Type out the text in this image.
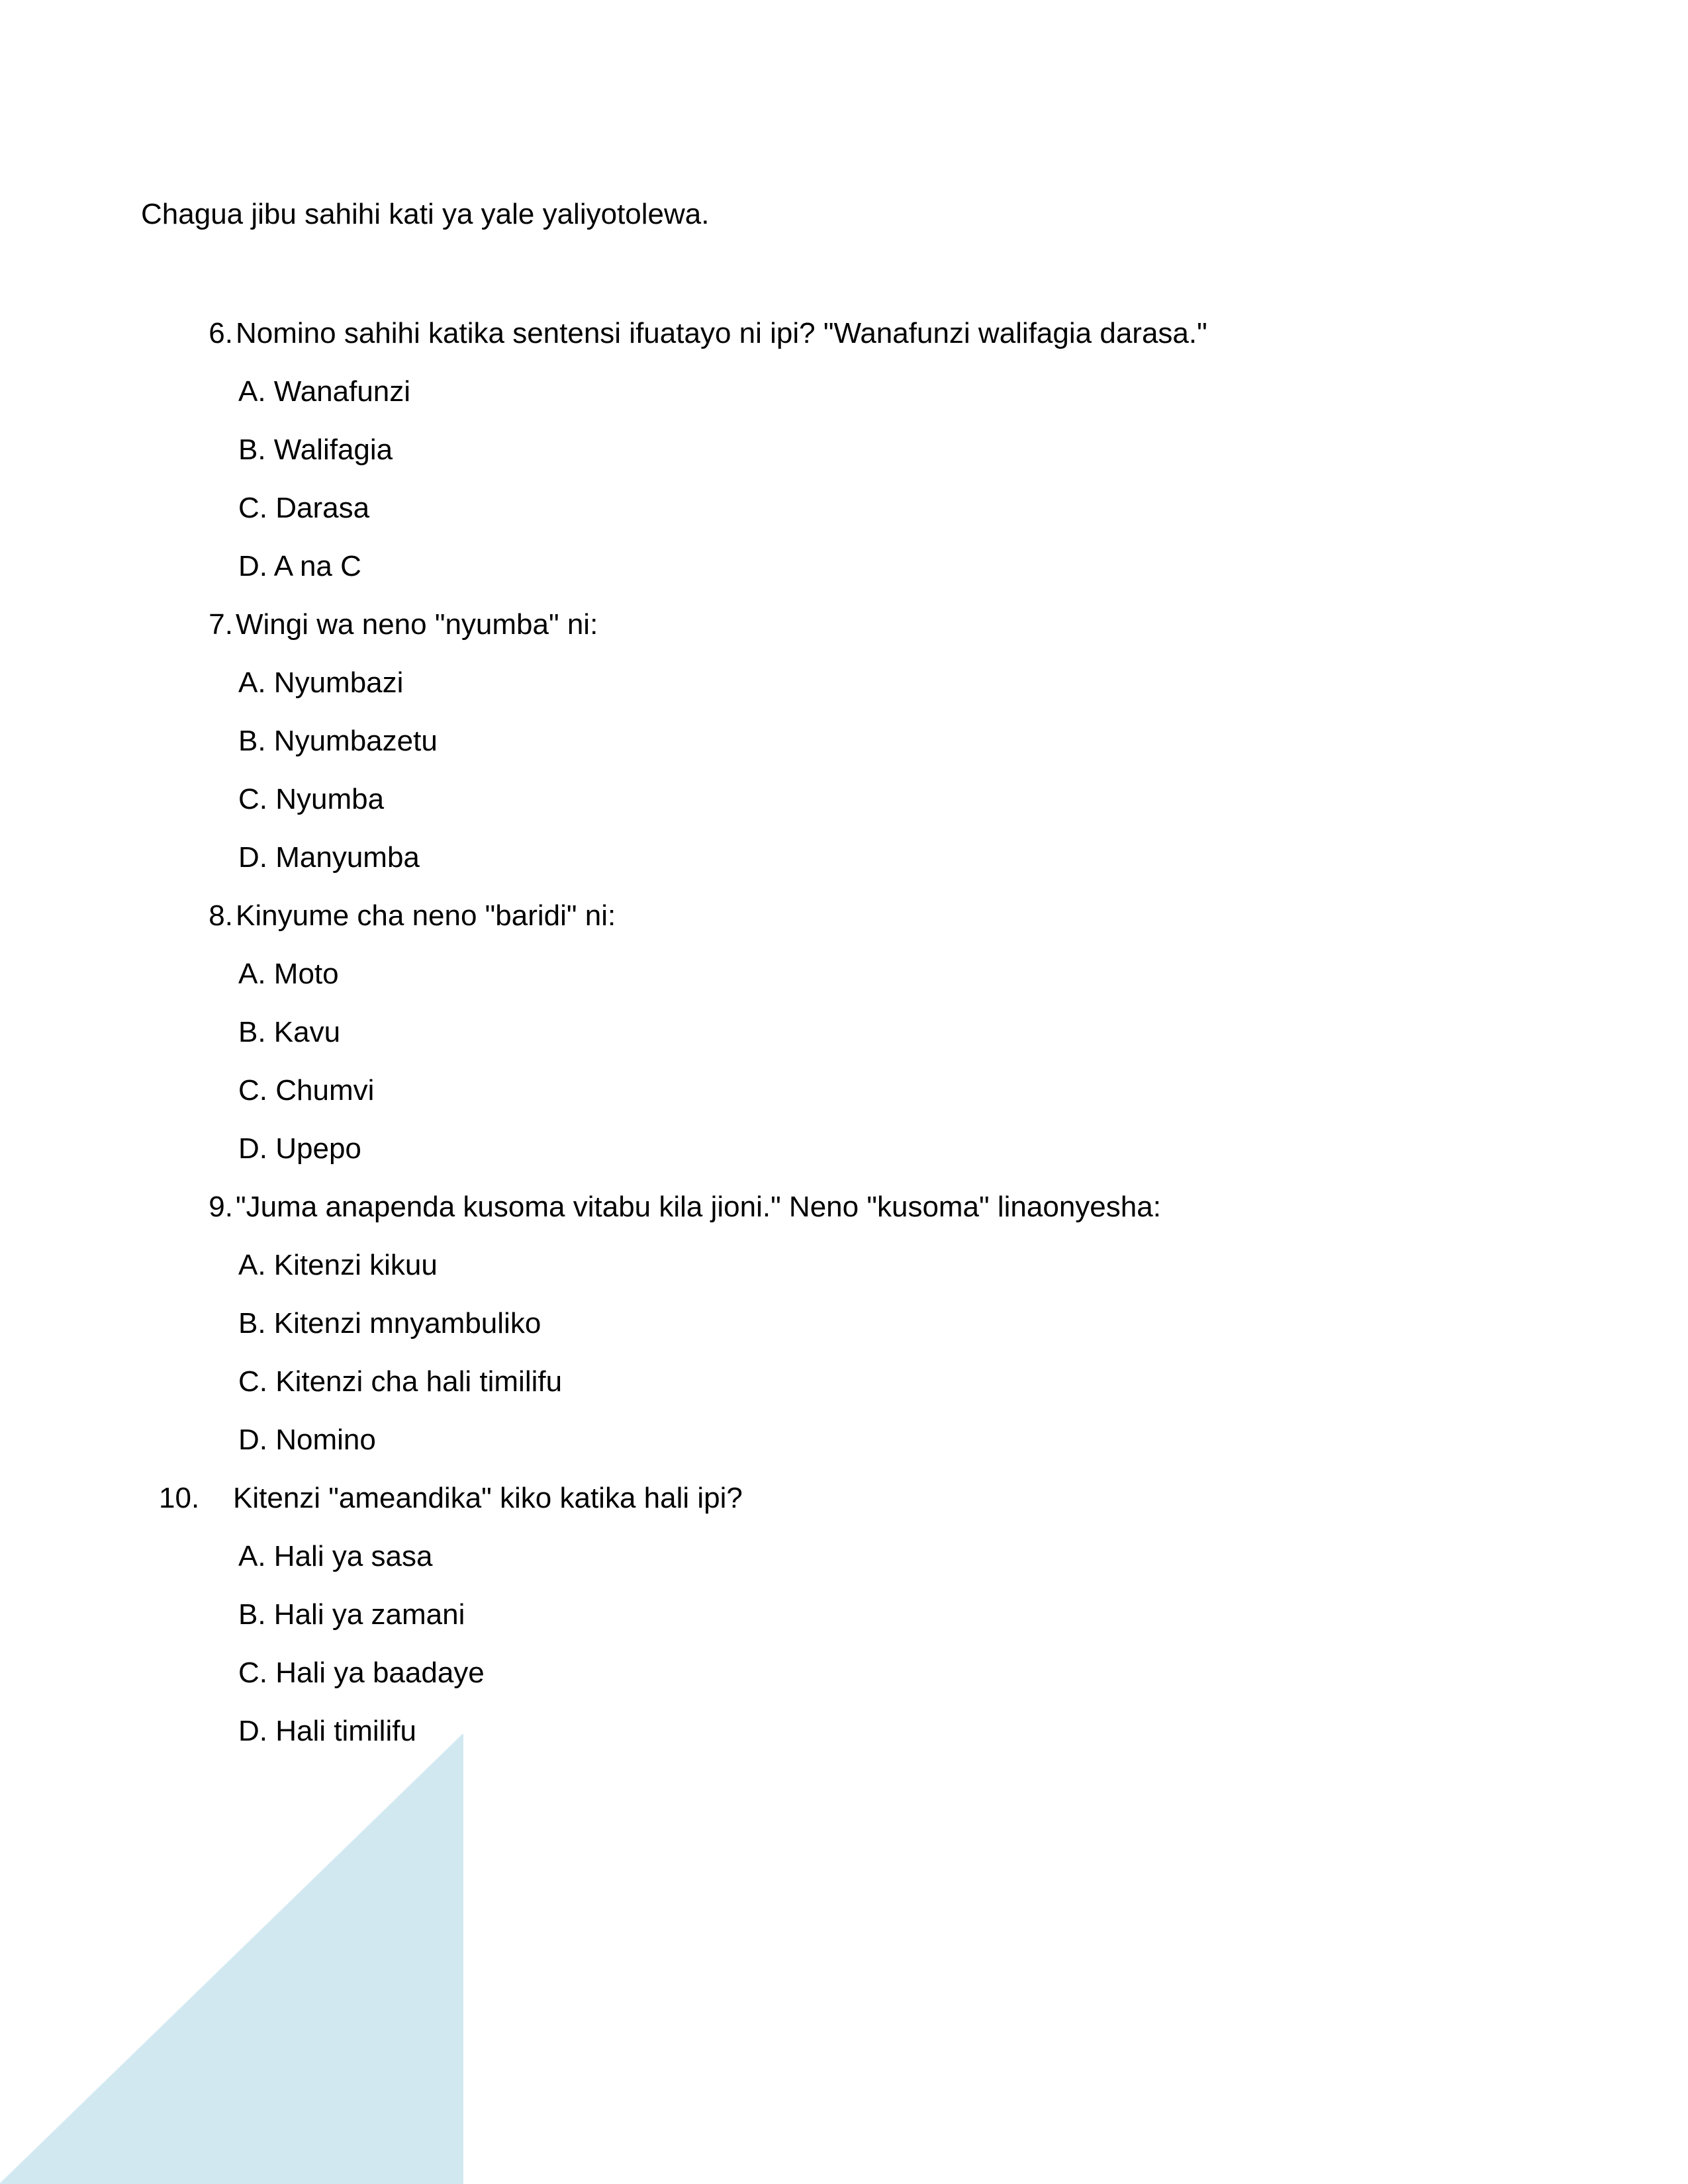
3
Chagua jibu sahihi kati ya yale yaliyotolewa.
6. Nomino sahihi katika sentensi ifuatayo ni ipi? "Wanafunzi walifagia darasa."
A. Wanafunzi
B. Walifagia
C. Darasa
D. A na C
7. Wingi wa neno "nyumba" ni:
A. Nyumbazi
B. Nyumbazetu
C. Nyumba
D. Manyumba
8. Kinyume cha neno "baridi" ni:
A. Moto
B. Kavu
C. Chumvi
D. Upepo
9. "Juma anapenda kusoma vitabu kila jioni." Neno "kusoma" linaonyesha:
A. Kitenzi kikuu
B. Kitenzi mnyambuliko
C. Kitenzi cha hali timilifu
D. Nomino
10.	Kitenzi "ameandika" kiko katika hali ipi?
A. Hali ya sasa
B. Hali ya zamani
C. Hali ya baadaye
D. Hali timilifu
